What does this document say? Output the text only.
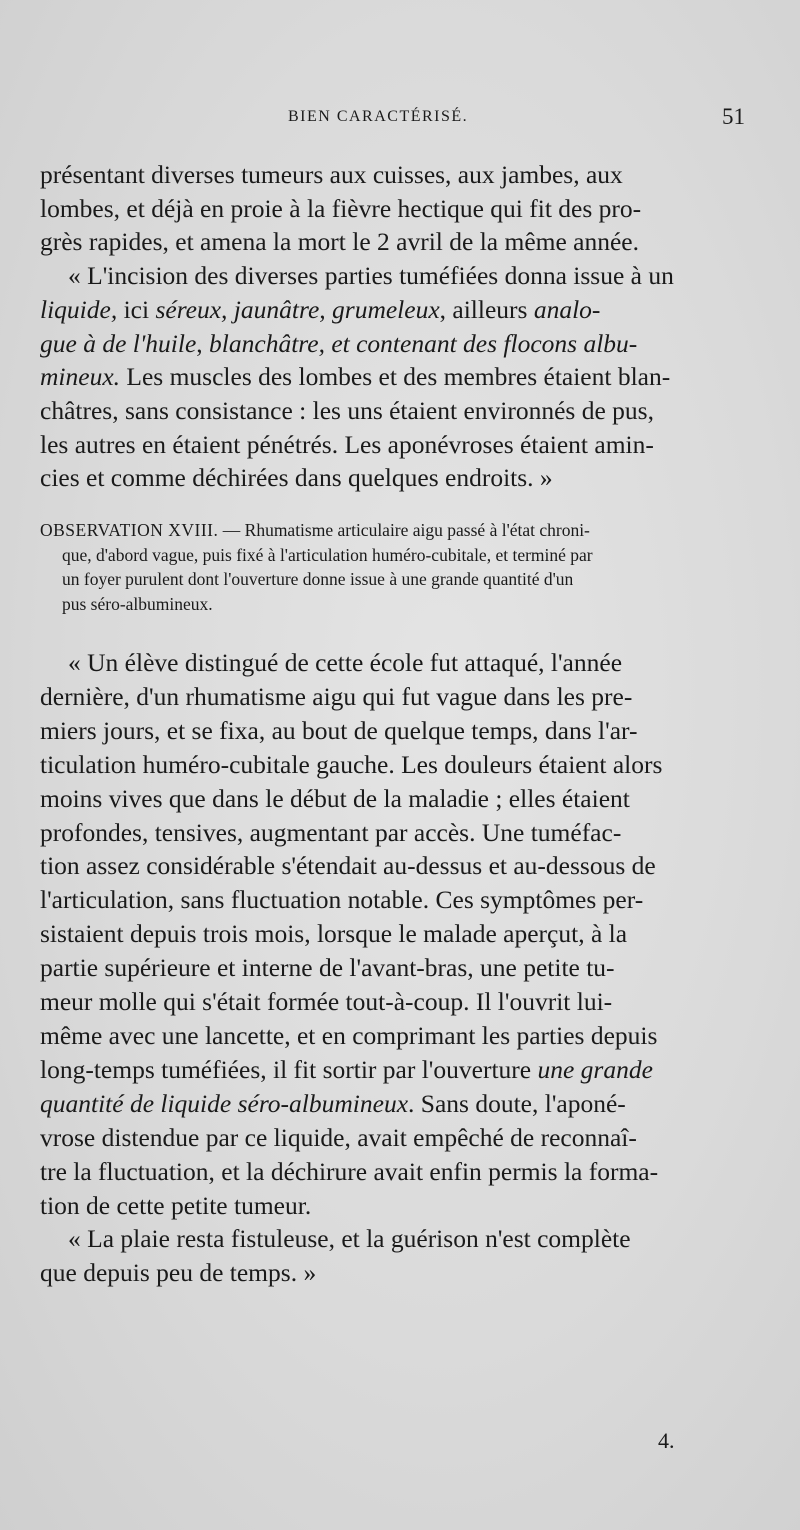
BIEN CARACTÉRISÉ.	51

présentant diverses tumeurs aux cuisses, aux jambes, aux
lombes, et déjà en proie à la fièvre hectique qui fit des pro-
grès rapides, et amena la mort le 2 avril de la même année.

« L'incision des diverses parties tuméfiées donna issue à un
liquide, ici séreux, jaunâtre, grumeleux, ailleurs analo-
gue à de l'huile, blanchâtre, et contenant des flocons albu-
mineux. Les muscles des lombes et des membres étaient blan-
châtres, sans consistance : les uns étaient environnés de pus,
les autres en étaient pénétrés. Les aponévroses étaient amin-
cies et comme déchirées dans quelques endroits. »

OBSERVATION XVIII. — Rhumatisme articulaire aigu passé à l'état chroni-
que, d'abord vague, puis fixé à l'articulation huméro-cubitale, et terminé par
un foyer purulent dont l'ouverture donne issue à une grande quantité d'un
pus séro-albumineux.

« Un élève distingué de cette école fut attaqué, l'année
dernière, d'un rhumatisme aigu qui fut vague dans les pre-
miers jours, et se fixa, au bout de quelque temps, dans l'ar-
ticulation huméro-cubitale gauche. Les douleurs étaient alors
moins vives que dans le début de la maladie ; elles étaient
profondes, tensives, augmentant par accès. Une tuméfac-
tion assez considérable s'étendait au-dessus et au-dessous de
l'articulation, sans fluctuation notable. Ces symptômes per-
sistaient depuis trois mois, lorsque le malade aperçut, à la
partie supérieure et interne de l'avant-bras, une petite tu-
meur molle qui s'était formée tout-à-coup. Il l'ouvrit lui-
même avec une lancette, et en comprimant les parties depuis
long-temps tuméfiées, il fit sortir par l'ouverture une grande
quantité de liquide séro-albumineux. Sans doute, l'aponé-
vrose distendue par ce liquide, avait empêché de reconnaî-
tre la fluctuation, et la déchirure avait enfin permis la forma-
tion de cette petite tumeur.

« La plaie resta fistuleuse, et la guérison n'est complète
que depuis peu de temps. »

4.
